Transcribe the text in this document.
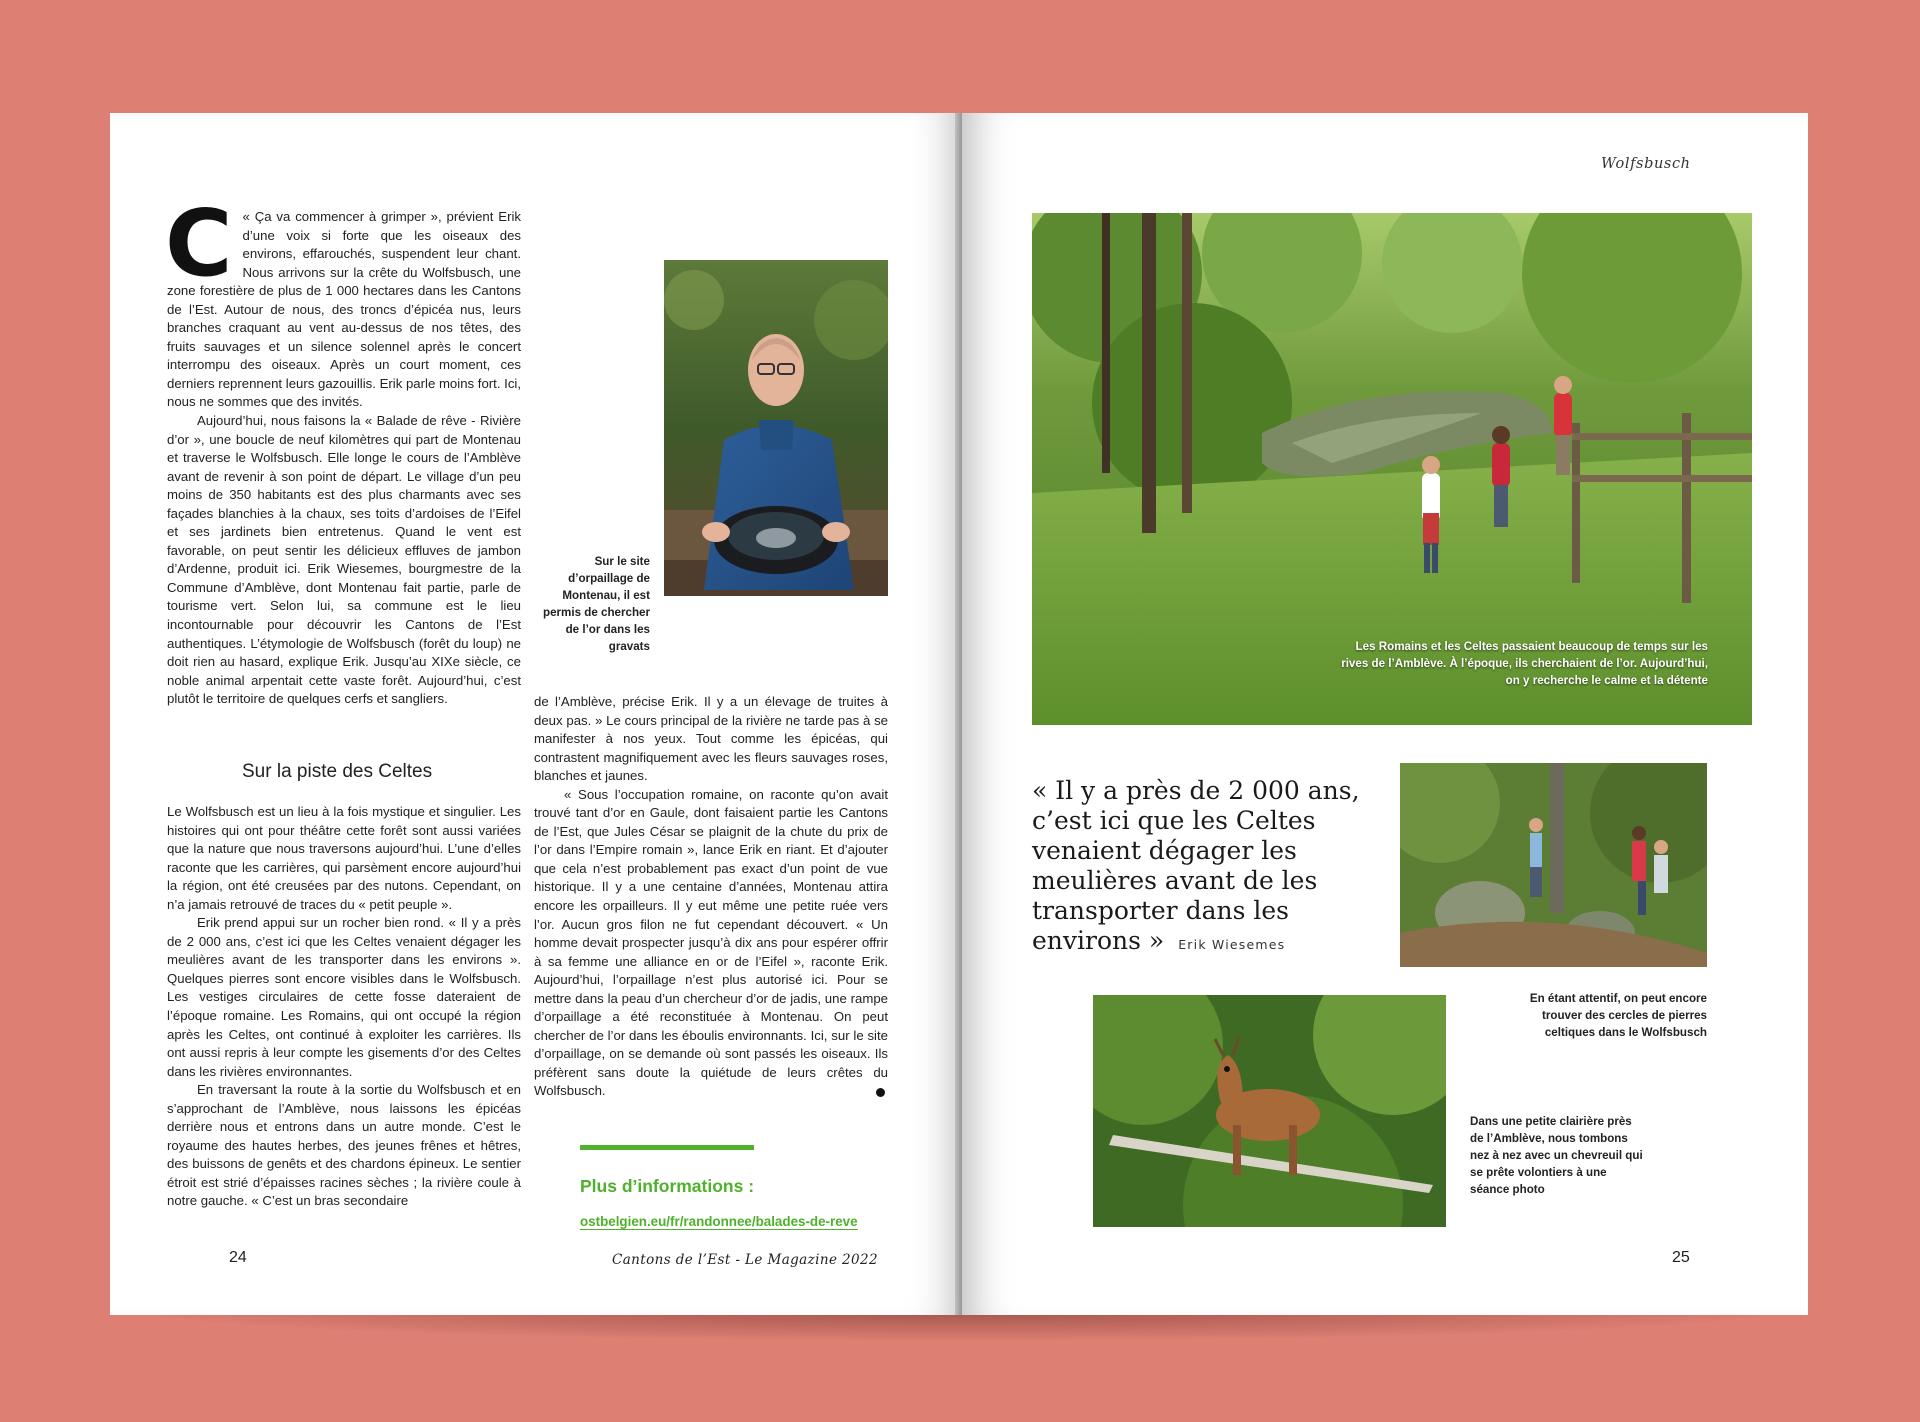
C « Ça va commencer à grimper », prévient Erik d’une voix si forte que les oiseaux des environs, effarouchés, suspendent leur chant. Nous arrivons sur la crête du Wolfsbusch, une zone forestière de plus de 1 000 hectares dans les Cantons de l’Est. Autour de nous, des troncs d’épicéa nus, leurs branches craquant au vent au-dessus de nos têtes, des fruits sauvages et un silence solennel après le concert interrompu des oiseaux. Après un court moment, ces derniers reprennent leurs gazouillis. Erik parle moins fort. Ici, nous ne sommes que des invités.

Aujourd’hui, nous faisons la « Balade de rêve - Rivière d’or », une boucle de neuf kilomètres qui part de Montenau et traverse le Wolfsbusch. Elle longe le cours de l’Amblève avant de revenir à son point de départ. Le village d’un peu moins de 350 habitants est des plus charmants avec ses façades blanchies à la chaux, ses toits d’ardoises de l’Eifel et ses jardinets bien entretenus. Quand le vent est favorable, on peut sentir les délicieux effluves de jambon d’Ardenne, produit ici. Erik Wiesemes, bourgmestre de la Commune d’Amblève, dont Montenau fait partie, parle de tourisme vert. Selon lui, sa commune est le lieu incontournable pour découvrir les Cantons de l’Est authentiques. L’étymologie de Wolfsbusch (forêt du loup) ne doit rien au hasard, explique Erik. Jusqu’au XIXe siècle, ce noble animal arpentait cette vaste forêt. Aujourd’hui, c’est plutôt le territoire de quelques cerfs et sangliers.

Sur la piste des Celtes

Le Wolfsbusch est un lieu à la fois mystique et singulier. Les histoires qui ont pour théâtre cette forêt sont aussi variées que la nature que nous traversons aujourd’hui. L’une d’elles raconte que les carrières, qui parsèment encore aujourd’hui la région, ont été creusées par des nutons. Cependant, on n’a jamais retrouvé de traces du « petit peuple ».

Erik prend appui sur un rocher bien rond. « Il y a près de 2 000 ans, c’est ici que les Celtes venaient dégager les meulières avant de les transporter dans les environs ». Quelques pierres sont encore visibles dans le Wolfsbusch. Les vestiges circulaires de cette fosse dateraient de l’époque romaine. Les Romains, qui ont occupé la région après les Celtes, ont continué à exploiter les carrières. Ils ont aussi repris à leur compte les gisements d’or des Celtes dans les rivières environnantes.

En traversant la route à la sortie du Wolfsbusch et en s’approchant de l’Amblève, nous laissons les épicéas derrière nous et entrons dans un autre monde. C’est le royaume des hautes herbes, des jeunes frênes et hêtres, des buissons de genêts et des chardons épineux. Le sentier étroit est strié d’épaisses racines sèches ; la rivière coule à notre gauche. « C’est un bras secondaire

Sur le site d’orpaillage de Montenau, il est permis de chercher de l’or dans les gravats

de l’Amblève, précise Erik. Il y a un élevage de truites à deux pas. » Le cours principal de la rivière ne tarde pas à se manifester à nos yeux. Tout comme les épicéas, qui contrastent magnifiquement avec les fleurs sauvages roses, blanches et jaunes.

« Sous l’occupation romaine, on raconte qu’on avait trouvé tant d’or en Gaule, dont faisaient partie les Cantons de l’Est, que Jules César se plaignit de la chute du prix de l’or dans l’Empire romain », lance Erik en riant. Et d’ajouter que cela n’est probablement pas exact d’un point de vue historique. Il y a une centaine d’années, Montenau attira encore les orpailleurs. Il y eut même une petite ruée vers l’or. Aucun gros filon ne fut cependant découvert. « Un homme devait prospecter jusqu’à dix ans pour espérer offrir à sa femme une alliance en or de l’Eifel », raconte Erik. Aujourd’hui, l’orpaillage n’est plus autorisé ici. Pour se mettre dans la peau d’un chercheur d’or de jadis, une rampe d’orpaillage a été reconstituée à Montenau. On peut chercher de l’or dans les éboulis environnants. Ici, sur le site d’orpaillage, on se demande où sont passés les oiseaux. Ils préfèrent sans doute la quiétude de leurs crêtes du Wolfsbusch.

Plus d’informations :
ostbelgien.eu/fr/randonnee/balades-de-reve
24	Cantons de l’Est - Le Magazine 2022
Wolfsbusch
Les Romains et les Celtes passaient beaucoup de temps sur les rives de l’Amblève. À l’époque, ils cherchaient de l’or. Aujourd’hui, on y recherche le calme et la détente
« Il y a près de 2 000 ans, c’est ici que les Celtes venaient dégager les meulières avant de les transporter dans les environs » Erik Wiesemes
En étant attentif, on peut encore trouver des cercles de pierres celtiques dans le Wolfsbusch
Dans une petite clairière près de l’Amblève, nous tombons nez à nez avec un chevreuil qui se prête volontiers à une séance photo
25
